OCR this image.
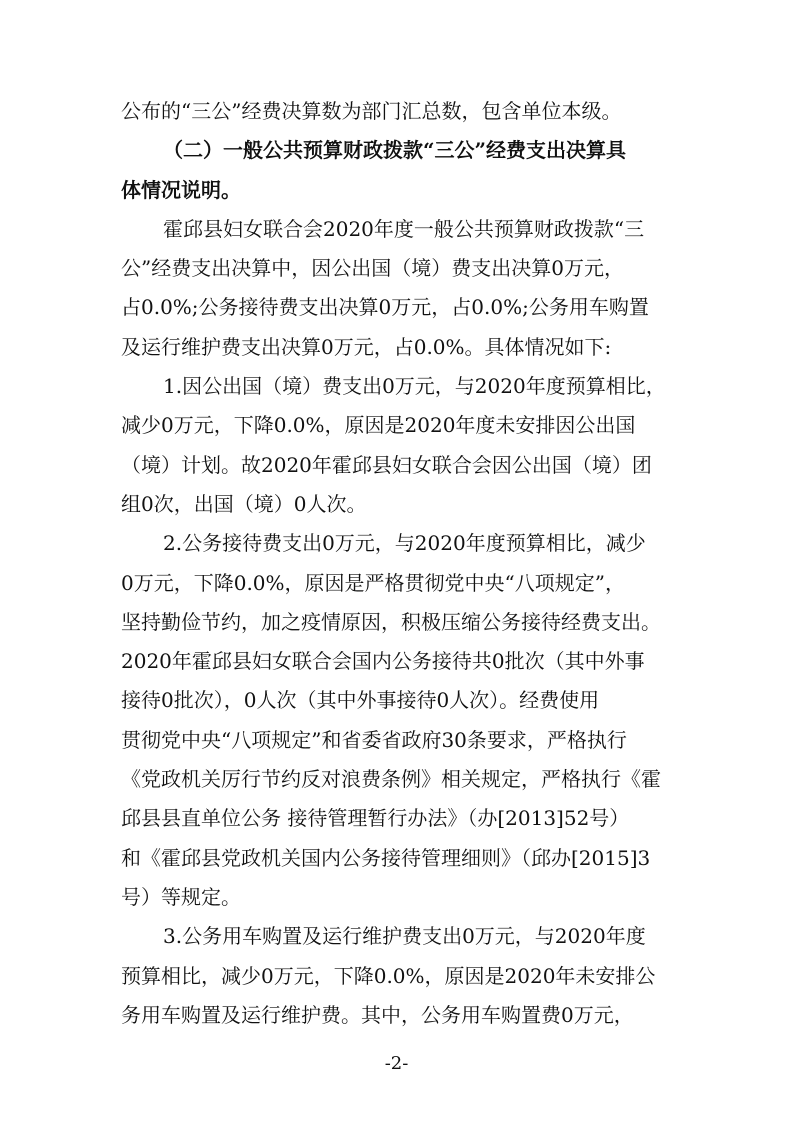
公布的“三公”经费决算数为部门汇总数，包含单位本级。
（二）一般公共预算财政拨款“三公”经费支出决算具
体情况说明。
霍邱县妇女联合会2020年度一般公共预算财政拨款“三
公”经费支出决算中，因公出国（境）费支出决算0万元，
占0.0%;公务接待费支出决算0万元，占0.0%;公务用车购置
及运行维护费支出决算0万元，占0.0%。具体情况如下:
1.因公出国（境）费支出0万元，与2020年度预算相比，
减少0万元，下降0.0%，原因是2020年度未安排因公出国
（境）计划。故2020年霍邱县妇女联合会因公出国（境）团
组0次，出国（境）0人次。
2.公务接待费支出0万元，与2020年度预算相比，减少
0万元，下降0.0%，原因是严格贯彻党中央“八项规定”，
坚持勤俭节约，加之疫情原因，积极压缩公务接待经费支出。
2020年霍邱县妇女联合会国内公务接待共0批次（其中外事
接待0批次），0人次（其中外事接待0人次）。经费使用
贯彻党中央“八项规定”和省委省政府30条要求，严格执行
《党政机关厉行节约反对浪费条例》相关规定，严格执行《霍
邱县县直单位公务 接待管理暂行办法》（办[2013]52号）
和《霍邱县党政机关国内公务接待管理细则》（邱办[2015]3
号）等规定。
3.公务用车购置及运行维护费支出0万元，与2020年度
预算相比，减少0万元，下降0.0%，原因是2020年未安排公
务用车购置及运行维护费。其中，公务用车购置费0万元，
-2-
